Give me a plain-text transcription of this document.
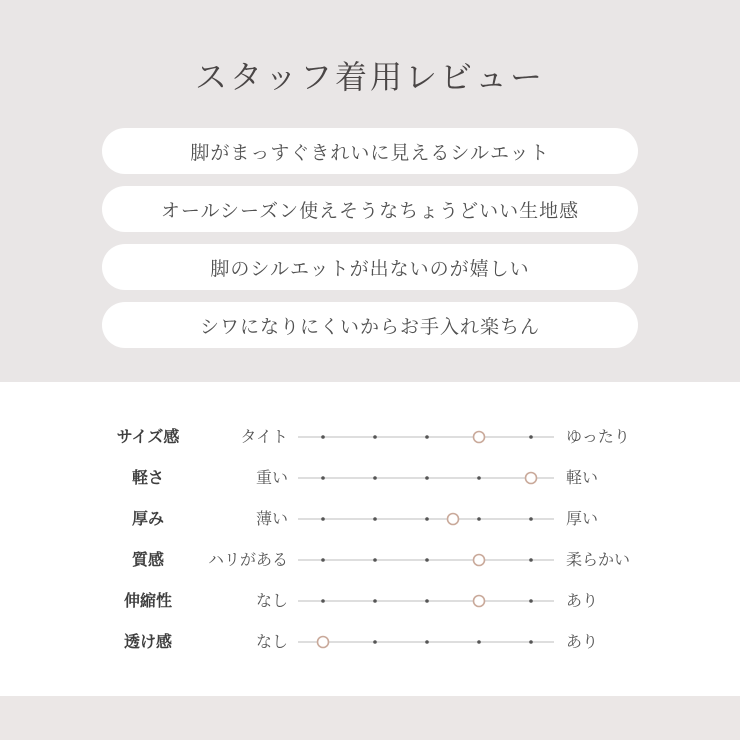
スタッフ着用レビュー
脚がまっすぐきれいに見えるシルエット
オールシーズン使えそうなちょうどいい生地感
脚のシルエットが出ないのが嬉しい
シワになりにくいからお手入れ楽ちん
サイズ感	タイト	ゆったり
軽さ	重い	軽い
厚み	薄い	厚い
質感	ハリがある	柔らかい
伸縮性	なし	あり
透け感	なし	あり
